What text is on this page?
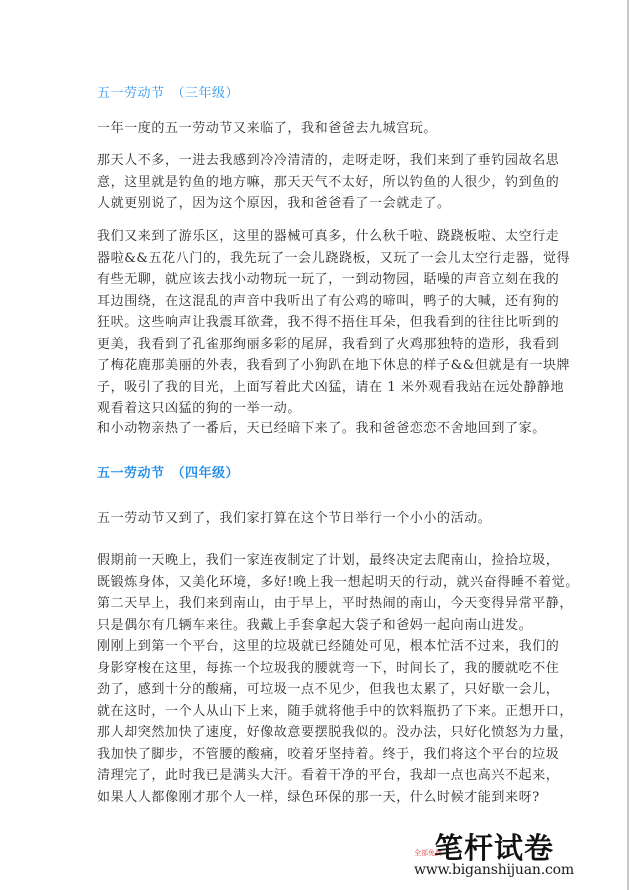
五一劳动节　（三年级）
一年一度的五一劳动节又来临了，我和爸爸去九城宫玩。
那天人不多，一进去我感到冷冷清清的，走呀走呀，我们来到了垂钓园故名思
意，这里就是钓鱼的地方嘛，那天天气不太好，所以钓鱼的人很少，钓到鱼的
人就更别说了，因为这个原因，我和爸爸看了一会就走了。
我们又来到了游乐区，这里的器械可真多，什么秋千啦、跷跷板啦、太空行走
器啦&&五花八门的，我先玩了一会儿跷跷板，又玩了一会儿太空行走器，觉得
有些无聊，就应该去找小动物玩一玩了，一到动物园，聒噪的声音立刻在我的
耳边围绕，在这混乱的声音中我听出了有公鸡的啼叫，鸭子的大喊，还有狗的
狂吠。这些响声让我震耳欲聋，我不得不捂住耳朵，但我看到的往往比听到的
更美，我看到了孔雀那绚丽多彩的尾屏，我看到了火鸡那独特的造形，我看到
了梅花鹿那美丽的外表，我看到了小狗趴在地下休息的样子&&但就是有一块牌
子，吸引了我的目光，上面写着此犬凶猛，请在 1 米外观看我站在远处静静地
观看着这只凶猛的狗的一举一动。
和小动物亲热了一番后，天已经暗下来了。我和爸爸恋恋不舍地回到了家。
五一劳动节　（四年级）
五一劳动节又到了，我们家打算在这个节日举行一个小小的活动。
假期前一天晚上，我们一家连夜制定了计划，最终决定去爬南山，捡拾垃圾，
既锻炼身体，又美化环境，多好!晚上我一想起明天的行动，就兴奋得睡不着觉。
第二天早上，我们来到南山，由于早上，平时热闹的南山，今天变得异常平静，
只是偶尔有几辆车来往。我戴上手套拿起大袋子和爸妈一起向南山进发。
刚刚上到第一个平台，这里的垃圾就已经随处可见，根本忙活不过来，我们的
身影穿梭在这里，每拣一个垃圾我的腰就弯一下，时间长了，我的腰就吃不住
劲了，感到十分的酸痛，可垃圾一点不见少，但我也太累了，只好歇一会儿，
就在这时，一个人从山下上来，随手就将他手中的饮料瓶扔了下来。正想开口，
那人却突然加快了速度，好像故意要摆脱我似的。没办法，只好化愤怒为力量，
我加快了脚步，不管腰的酸痛，咬着牙坚持着。终于，我们将这个平台的垃圾
清理完了，此时我已是满头大汗。看着干净的平台，我却一点也高兴不起来，
如果人人都像刚才那个人一样，绿色环保的那一天，什么时候才能到来呀?
全部免费
笔杆试卷
www.biganshijuan.com
